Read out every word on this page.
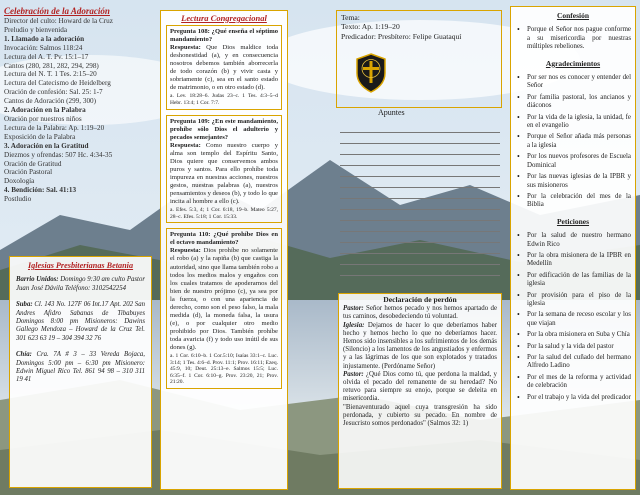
Celebración de la Adoración
Director del culto: Howard de la Cruz
Preludio y bienvenida
1. Llamado a la adoración
Invocación: Salmos 118:24
Lectura del A. T. Pv. 15:1–17
Cantos (280, 281, 282, 294, 298)
Lectura del N. T. 1 Tes. 2:15–20
Lectura del Catecismo de Heidelberg
Oración de confesión: Sal. 25: 1-7
Cantos de Adoración (299, 300)
2. Adoración en la Palabra
Oración por nuestros niños
Lectura de la Palabra: Ap. 1:19–20
Exposición de la Palabra
3. Adoración en la Gratitud
Diezmos y ofrendas: 507 Hc. 4:34-35
Oración de Gratitud
Oración Pastoral
Doxología
4. Bendición: Sal. 41:13
Postludio
Iglesias Presbiterianas Betania

Barrio Unidos: Domingo 9:30 am culto Pastor Juan José Dávila Teléfono: 3102542254

Suba: Cl. 143 No. 127F 06 Int.17 Apt. 202 San Andres Afidro Sabanas de Tibabuyes Domingos 8:00 pm Misioneros: Dawins Gallego Mendoza – Howard de la Cruz Tel. 301 623 63 19 – 304 394 32 76

Chía: Cra. 7A # 3 – 33 Vereda Bojaca, Domingos 5:00 pm – 6:30 pm Misionero: Edwin Miguel Rico Tel. 861 94 98 – 310 311 19 41

Lectura Congregacional
Pregunta 108: ¿Qué enseña el séptimo mandamiento?
Respuesta: Que Dios maldice toda deshonestidad (a), y en consecuencia nosotros debemos también aborrecerla de todo corazón (b) y vivir casta y sobriamente (c), sea en el santo estado de matrimonio, o en otro estado (d).
a. Lev. 18:28–6. Judas 23–c. 1 Tes. 4:3–5–d Hebr. 13:4; 1 Cor. 7:7.
Pregunta 109: ¿En este mandamiento, prohíbe sólo Dios el adulterio y pecados semejantes?
Respuesta: Como nuestro cuerpo y alma son templo del Espíritu Santo, Dios quiere que conservemos ambos puros y santos. Para ello prohíbe toda impureza en nuestras acciones, nuestros gestos, nuestras palabras (a), nuestros pensamientos y deseos (b), y todo lo que incita al hombre a ello (c).
a. Efes. 5:3, 4; 1 Cor. 6:18, 19–b. Mateo 5:27, 28–c. Efes. 5:18; 1 Cor. 15:33.
Pregunta 110: ¿Qué prohíbe Dios en el octavo mandamiento?
Respuesta: Dios prohíbe no solamente el robo (a) y la rapiña (b) que castiga la autoridad, sino que llama también robo a todos los medios malos y engaños con los cuales tratamos de apoderarnos del bien de nuestro prójimo (c), ya sea por la fuerza, o con una apariencia de derecho, como son el peso falso, la mala medida (d), la moneda falsa, la usura (e), o por cualquier otro medio prohibido por Dios. También prohíbe toda avaricia (f) y todo uso inútil de sus dones (g).
a. 1 Cor. 6:10–b. 1 Cor.5:10; Isaías 33:1–c. Luc. 3:14; 1 Tes. 4:6–d. Prov. 11:1; Prov. 16:11; Ezeq. 45:9, 10; Deut. 25:13–e. Salmos 15:5; Luc. 6:35–f. 1 Cor. 6:10–g. Prov. 23:20, 21; Prov. 21:20.
Tema:
Texto: Ap. 1:19–20
Predicador: Presbítero: Felipe Guataquí
Apuntes
Declaración de perdón
Pastor: Señor hemos pecado y nos hemos apartado de tus caminos, desobedeciendo tú voluntad.
Iglesia: Dejamos de hacer lo que deberíamos haber hecho y hemos hecho lo que no deberíamos hacer. Hemos sido insensibles a los sufrimientos de los demás (Silencio) a los lamentos de los angustiados y enfermos y a las lágrimas de los que son explotados y tratados injustamente. (Perdóname Señor)
Pastor: ¿Qué Dios como tú, que perdona la maldad, y olvida el pecado del remanente de su heredad? No retuvo para siempre su enojo, porque se deleita en misericordia.
"Bienaventurado aquel cuya transgresión ha sido perdonada, y cubierto su pecado. En nombre de Jesucristo somos perdonados" (Salmos 32: 1)
Confesión
• Porque el Señor nos pague conforme a su misericordia por nuestras múltiples rebeliones.
Agradecimientos
• Por ser nos es conocer y entender del Señor
• Por familia pastoral, los ancianos y diáconos
• Por la vida de la iglesia, la unidad, fe en el evangelio
• Porque el Señor añada más personas a la iglesia
• Por los nuevos profesores de Escuela Dominical
• Por las nuevas iglesias de la IPBR y sus misioneros
• Por la celebración del mes de la Biblia
Peticiones
• Por la salud de nuestro hermano Edwin Rico
• Por la obra misionera de la IPBR en Medellín
• Por edificación de las familias de la iglesia
• Por provisión para el piso de la iglesia
• Por la semana de receso escolar y los que viajan
• Por la obra misionera en Suba y Chía
• Por la salud y la vida del pastor
• Por la salud del cuñado del hermano Alfredo Ladino
• Por el mes de la reforma y actividad de celebración
• Por el trabajo y la vida del predicador
